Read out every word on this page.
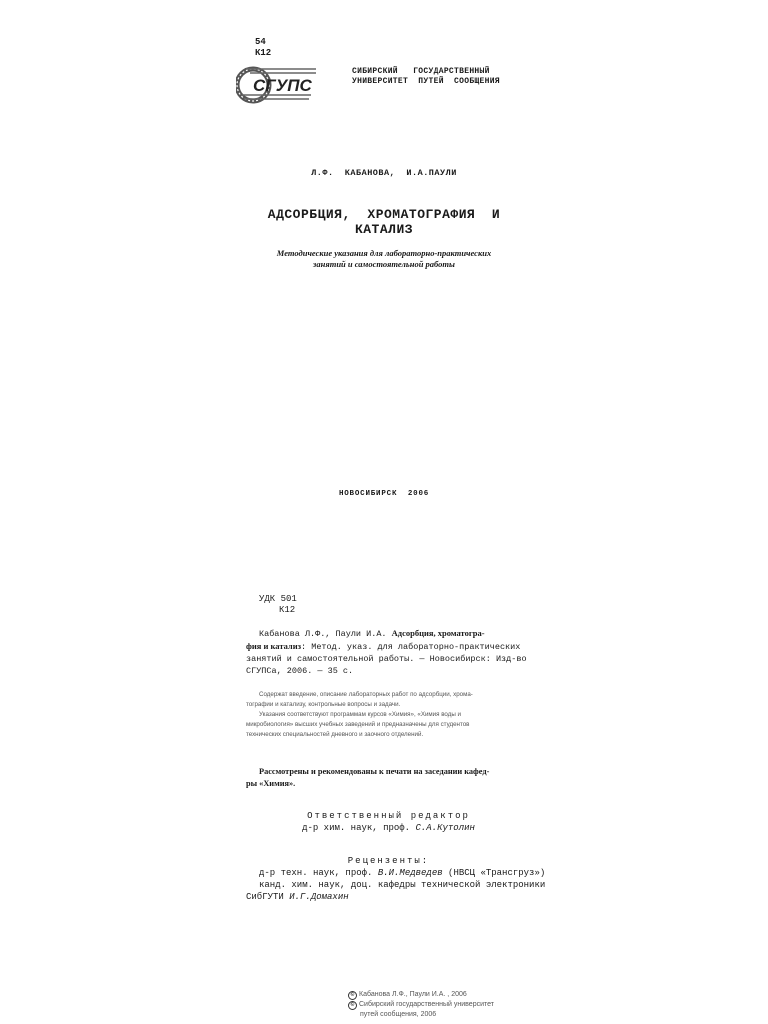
54
К12
СГУПС
СИБИРСКИЙ   ГОСУДАРСТВЕННЫЙ
УНИВЕРСИТЕТ  ПУТЕЙ  СООБЩЕНИЯ
Л.Ф.  КАБАНОВА,  И.А.ПАУЛИ
АДСОРБЦИЯ,  ХРОМАТОГРАФИЯ  И
КАТАЛИЗ
Методические указания для лабораторно-практических
занятий и самостоятельной работы
НОВОСИБИРСК  2006
УДК 501
К12
Кабанова Л.Ф., Паули И.А. Адсорбция, хроматогра-
фия и катализ: Метод. указ. для лабораторно-практических
занятий и самостоятельной работы. — Новосибирск: Изд-во
СГУПСа, 2006. — 35 с.
Содержат введение, описание лабораторных работ по адсорбции, хрома-
тографии и катализу, контрольные вопросы и задачи.
Указания соответствуют программам курсов «Химия», «Химия воды и
микробиология» высших учебных заведений и предназначены для студентов
технических специальностей дневного и заочного отделений.
Рассмотрены и рекомендованы к печати на заседании кафед-
ры «Химия».
Ответственный редактор
д-р хим. наук, проф. С.А.Кутолин
Рецензенты:
д-р техн. наук, проф. В.И.Медведев (НВСЦ «Трансгруз»)
канд. хим. наук, доц. кафедры технической электроники
СибГУТИ И.Г.Домахин
© Кабанова Л.Ф., Паули И.А. , 2006
© Сибирский государственный университет
путей сообщения, 2006
